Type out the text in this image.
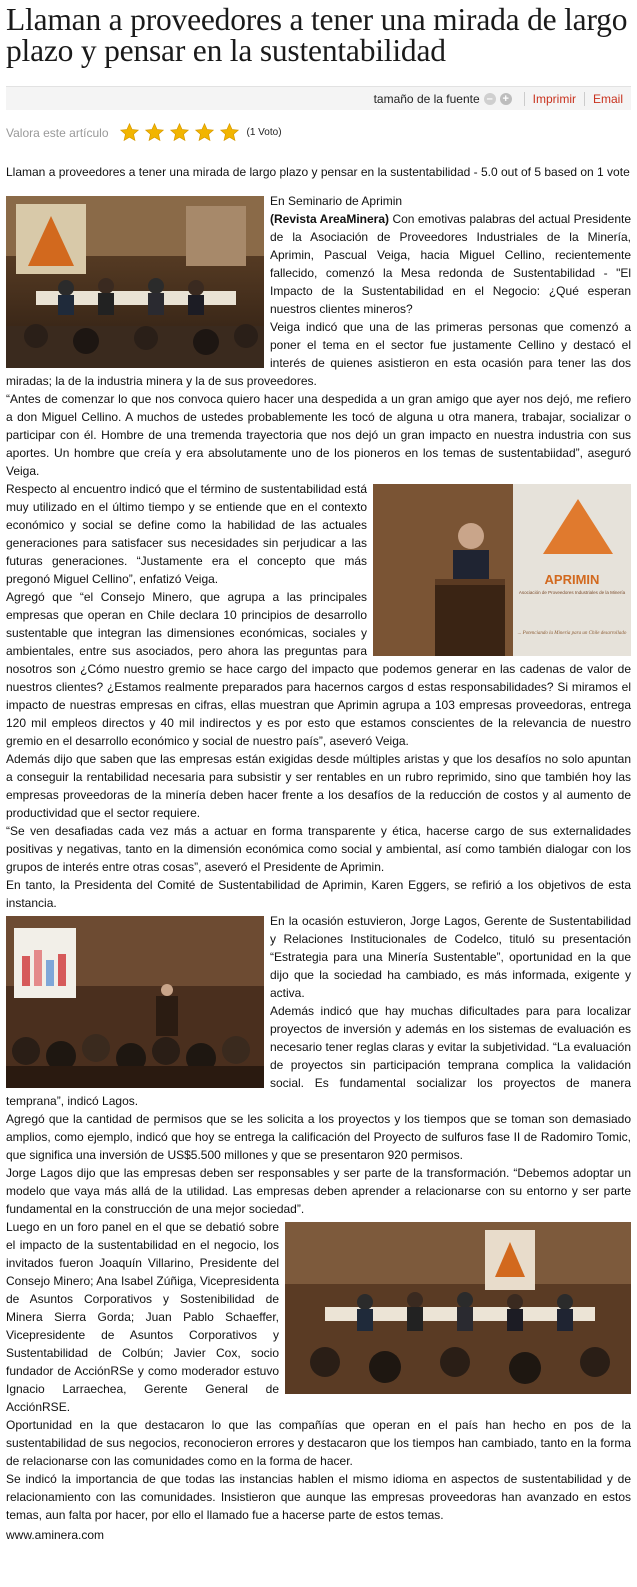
Llaman a proveedores a tener una mirada de largo plazo y pensar en la sustentabilidad
tamaño de la fuente – + Imprimir Email
Valora este artículo	(1 Voto)
Llaman a proveedores a tener una mirada de largo plazo y pensar en la sustentabilidad - 5.0 out of 5 based on 1 vote

En Seminario de Aprimin

(Revista AreaMinera) Con emotivas palabras del actual Presidente de la Asociación de Proveedores Industriales de la Minería, Aprimin, Pascual Veiga, hacia Miguel Cellino, recientemente fallecido, comenzó la Mesa redonda de Sustentabilidad - "El Impacto de la Sustentabilidad en el Negocio: ¿Qué esperan nuestros clientes mineros?

Veiga indicó que una de las primeras personas que comenzó a poner el tema en el sector fue justamente Cellino y destacó el interés de quienes asistieron en esta ocasión para tener las dos miradas; la de la industria minera y la de sus proveedores.

“Antes de comenzar lo que nos convoca quiero hacer una despedida a un gran amigo que ayer nos dejó, me refiero a don Miguel Cellino. A muchos de ustedes probablemente les tocó de alguna u otra manera, trabajar, socializar o participar con él. Hombre de una tremenda trayectoria que nos dejó un gran impacto en nuestra industria con sus aportes. Un hombre que creía y era absolutamente uno de los pioneros en los temas de sustentabiidad”, aseguró Veiga.

APRIMIN
Asociación de Proveedores Industriales de la Minería
... Potenciando la Minería para un Chile desarrollado

Respecto al encuentro indicó que el término de sustentabilidad está muy utilizado en el último tiempo y se entiende que en el contexto económico y social se define como la habilidad de las actuales generaciones para satisfacer sus necesidades sin perjudicar a las futuras generaciones. “Justamente era el concepto que más pregonó Miguel Cellino”, enfatizó Veiga.

Agregó que “el Consejo Minero, que agrupa a las principales empresas que operan en Chile declara 10 principios de desarrollo sustentable que integran las dimensiones económicas, sociales y ambientales, entre sus asociados, pero ahora las preguntas para nosotros son ¿Cómo nuestro gremio se hace cargo del impacto que podemos generar en las cadenas de valor de nuestros clientes? ¿Estamos realmente preparados para hacernos cargos d estas responsabilidades? Si miramos el impacto de nuestras empresas en cifras, ellas muestran que Aprimin agrupa a 103 empresas proveedoras, entrega 120 mil empleos directos y 40 mil indirectos y es por esto que estamos conscientes de la relevancia de nuestro gremio en el desarrollo económico y social de nuestro país”, aseveró Veiga.

Además dijo que saben que las empresas están exigidas desde múltiples aristas y que los desafíos no solo apuntan a conseguir la rentabilidad necesaria para subsistir y ser rentables en un rubro reprimido, sino que también hoy las empresas proveedoras de la minería deben hacer frente a los desafíos de la reducción de costos y al aumento de productividad que el sector requiere.

“Se ven desafiadas cada vez más a actuar en forma transparente y ética, hacerse cargo de sus externalidades positivas y negativas, tanto en la dimensión económica como social y ambiental, así como también dialogar con los grupos de interés entre otras cosas”, aseveró el Presidente de Aprimin.

En tanto, la Presidenta del Comité de Sustentabilidad de Aprimin, Karen Eggers, se refirió a los objetivos de esta instancia.

En la ocasión estuvieron, Jorge Lagos, Gerente de Sustentabilidad y Relaciones Institucionales de Codelco, tituló su presentación “Estrategia para una Minería Sustentable”, oportunidad en la que dijo que la sociedad ha cambiado, es más informada, exigente y activa.

Además indicó que hay muchas dificultades para para localizar proyectos de inversión y además en los sistemas de evaluación es necesario tener reglas claras y evitar la subjetividad. “La evaluación de proyectos sin participación temprana complica la validación social. Es fundamental socializar los proyectos de manera temprana”, indicó Lagos.

Agregó que la cantidad de permisos que se les solicita a los proyectos y los tiempos que se toman son demasiado amplios, como ejemplo, indicó que hoy se entrega la calificación del Proyecto de sulfuros fase II de Radomiro Tomic, que significa una inversión de US$5.500 millones y que se presentaron 920 permisos.

Jorge Lagos dijo que las empresas deben ser responsables y ser parte de la transformación. “Debemos adoptar un modelo que vaya más allá de la utilidad. Las empresas deben aprender a relacionarse con su entorno y ser parte fundamental en la construcción de una mejor sociedad”.

Luego en un foro panel en el que se debatió sobre el impacto de la sustentabilidad en el negocio, los invitados fueron Joaquín Villarino, Presidente del Consejo Minero; Ana Isabel Zúñiga, Vicepresidenta de Asuntos Corporativos y Sostenibilidad de Minera Sierra Gorda; Juan Pablo Schaeffer, Vicepresidente de Asuntos Corporativos y Sustentabilidad de Colbún; Javier Cox, socio fundador de AcciónRSe y como moderador estuvo Ignacio Larraechea, Gerente General de AcciónRSE.

Oportunidad en la que destacaron lo que las compañías que operan en el país han hecho en pos de la sustentabilidad de sus negocios, reconocieron errores y destacaron que los tiempos han cambiado, tanto en la forma de relacionarse con las comunidades como en la forma de hacer.

Se indicó la importancia de que todas las instancias hablen el mismo idioma en aspectos de sustentabilidad y de relacionamiento con las comunidades. Insistieron que aunque las empresas proveedoras han avanzado en estos temas, aun falta por hacer, por ello el llamado fue a hacerse parte de estos temas.

www.aminera.com
